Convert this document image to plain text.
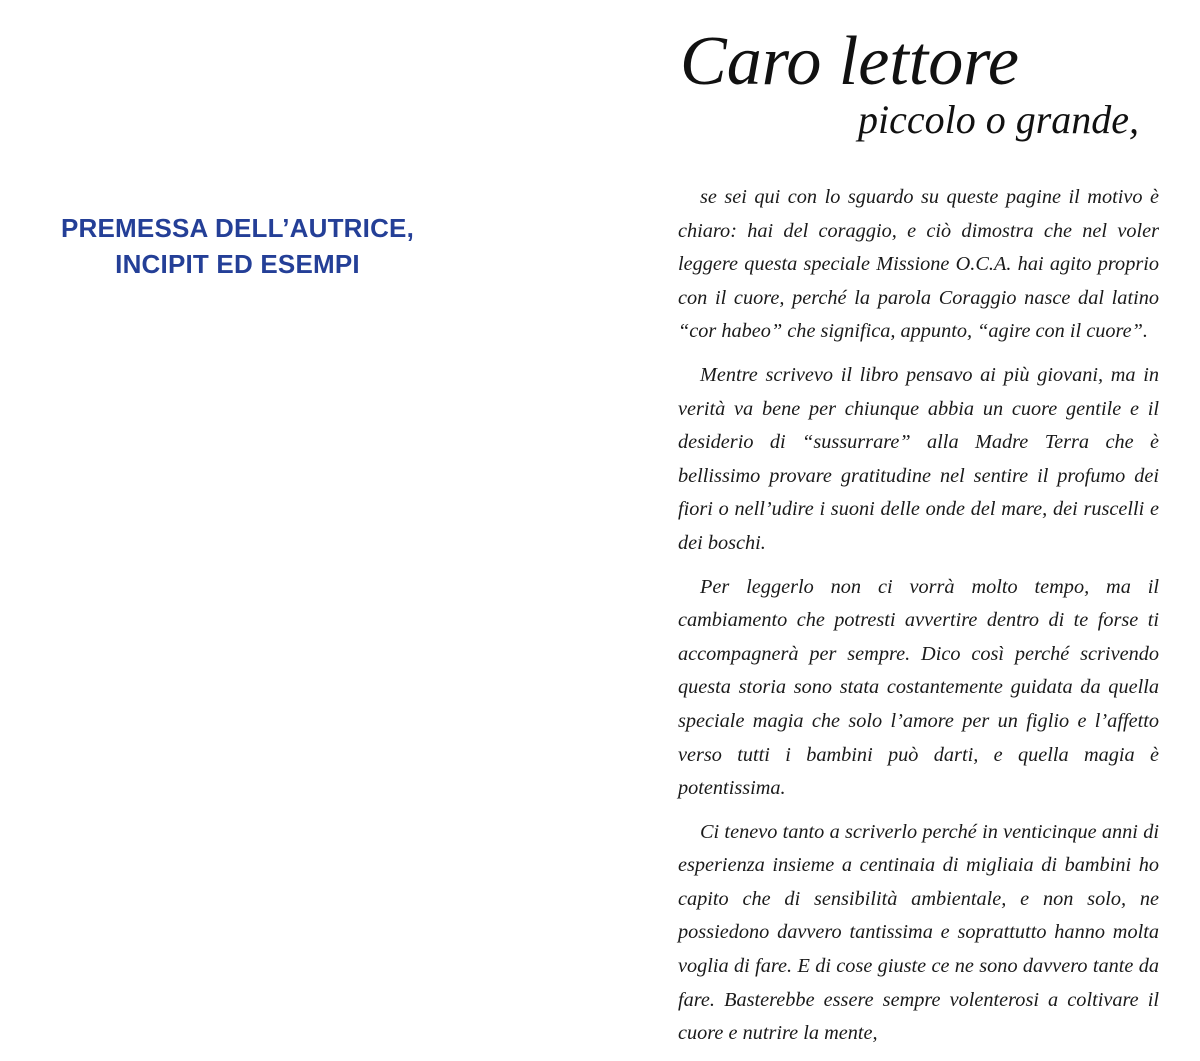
PREMESSA DELL’AUTRICE,
INCIPIT ED ESEMPI
Caro lettore
piccolo o grande,

se sei qui con lo sguardo su queste pagine il motivo è chiaro: hai del coraggio, e ciò dimostra che nel voler leggere questa speciale Missione O.C.A. hai agito proprio con il cuore, perché la parola Coraggio nasce dal latino “cor habeo” che significa, appunto, “agire con il cuore”.

Mentre scrivevo il libro pensavo ai più giovani, ma in verità va bene per chiunque abbia un cuore gentile e il desiderio di “sussurrare” alla Madre Terra che è bellissimo provare gratitudine nel sentire il profumo dei fiori o nell’udire i suoni delle onde del mare, dei ruscelli e dei boschi.

Per leggerlo non ci vorrà molto tempo, ma il cambiamento che potresti avvertire dentro di te forse ti accompagnerà per sempre. Dico così perché scrivendo questa storia sono stata costantemente guidata da quella speciale magia che solo l’amore per un figlio e l’affetto verso tutti i bambini può darti, e quella magia è potentissima.

Ci tenevo tanto a scriverlo perché in venticinque anni di esperienza insieme a centinaia di migliaia di bambini ho capito che di sensibilità ambientale, e non solo, ne possiedono davvero tantissima e soprattutto hanno molta voglia di fare. E di cose giuste ce ne sono davvero tante da fare. Basterebbe essere sempre volenterosi a coltivare il cuore e nutrire la mente,
